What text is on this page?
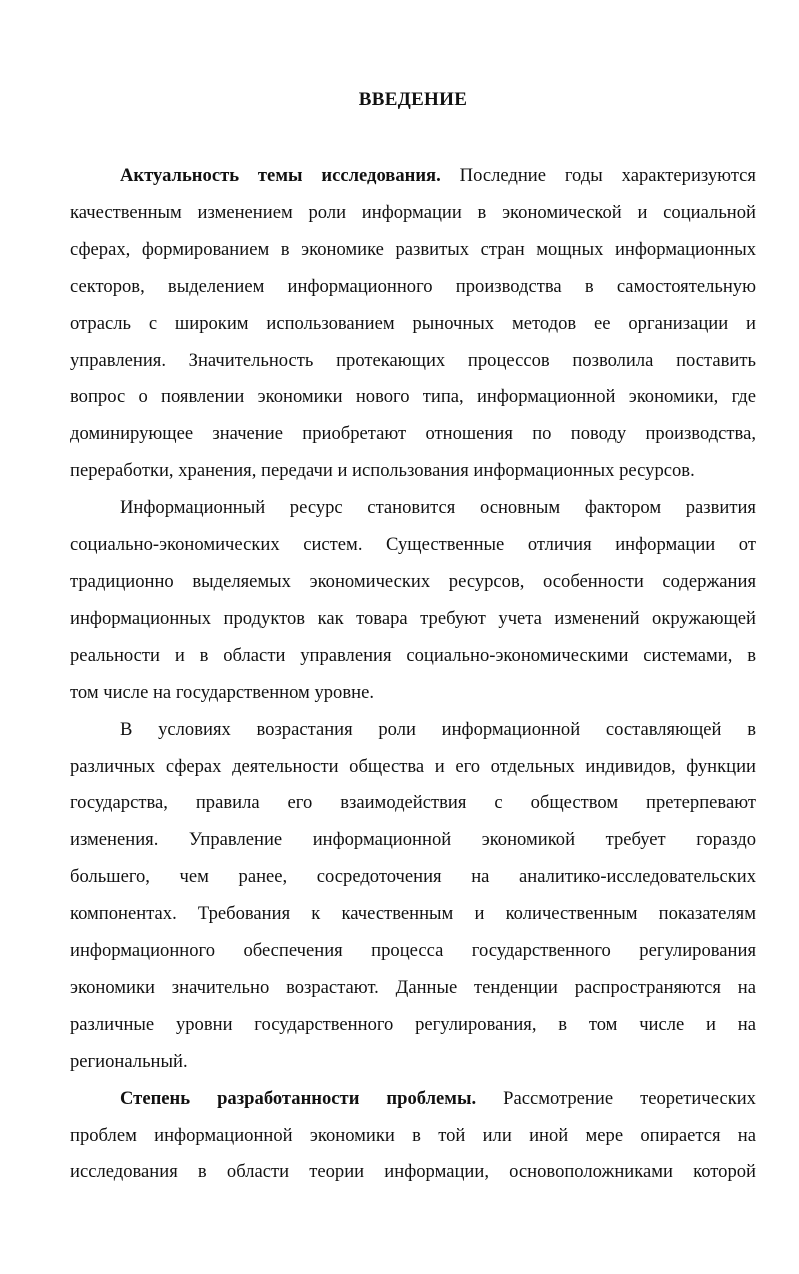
ВВЕДЕНИЕ
Актуальность темы исследования. Последние годы характеризуются
качественным изменением роли информации в экономической и социальной
сферах, формированием в экономике развитых стран мощных информационных
секторов, выделением информационного производства в самостоятельную
отрасль с широким использованием рыночных методов ее организации и
управления. Значительность протекающих процессов позволила поставить
вопрос о появлении экономики нового типа, информационной экономики, где
доминирующее значение приобретают отношения по поводу производства,
переработки, хранения, передачи и использования информационных ресурсов.
Информационный ресурс становится основным фактором развития
социально-экономических систем. Существенные отличия информации от
традиционно выделяемых экономических ресурсов, особенности содержания
информационных продуктов как товара требуют учета изменений окружающей
реальности и в области управления социально-экономическими системами, в
том числе на государственном уровне.
В условиях возрастания роли информационной составляющей в
различных сферах деятельности общества и его отдельных индивидов, функции
государства, правила его взаимодействия с обществом претерпевают
изменения. Управление информационной экономикой требует гораздо
большего, чем ранее, сосредоточения на аналитико-исследовательских
компонентах. Требования к качественным и количественным показателям
информационного обеспечения процесса государственного регулирования
экономики значительно возрастают. Данные тенденции распространяются на
различные уровни государственного регулирования, в том числе и на
региональный.
Степень разработанности проблемы. Рассмотрение теоретических
проблем информационной экономики в той или иной мере опирается на
исследования в области теории информации, основоположниками которой
